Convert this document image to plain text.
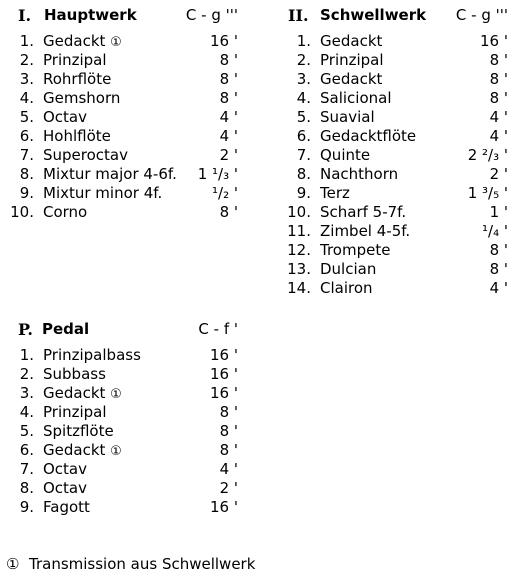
I. Hauptwerk	C - g '''
1. Gedackt ①	16 '
2. Prinzipal	8 '
3. Rohrflöte	8 '
4. Gemshorn	8 '
5. Octav	4 '
6. Hohlflöte	4 '
7. Superoctav	2 '
8. Mixtur major 4-6f. 1 ¹/₃ '
9. Mixtur minor 4f.	¹/₂ '
10. Corno	8 '
II. Schwellwerk C - g '''
1. Gedackt	16 '
2. Prinzipal	8 '
3. Gedackt	8 '
4. Salicional	8 '
5. Suavial	4 '
6. Gedacktflöte	4 '
7. Quinte	2 ²/₃ '
8. Nachthorn	2 '
9. Terz	1 ³/₅ '
10. Scharf 5-7f.	1 '
11. Zimbel 4-5f.	¹/₄ '
12. Trompete	8 '
13. Dulcian	8 '
14. Clairon	4 '
P. Pedal	C - f '
1. Prinzipalbass	16 '
2. Subbass	16 '
3. Gedackt ①	16 '
4. Prinzipal	8 '
5. Spitzflöte	8 '
6. Gedackt ①	8 '
7. Octav	4 '
8. Octav	2 '
9. Fagott	16 '
① Transmission aus Schwellwerk
